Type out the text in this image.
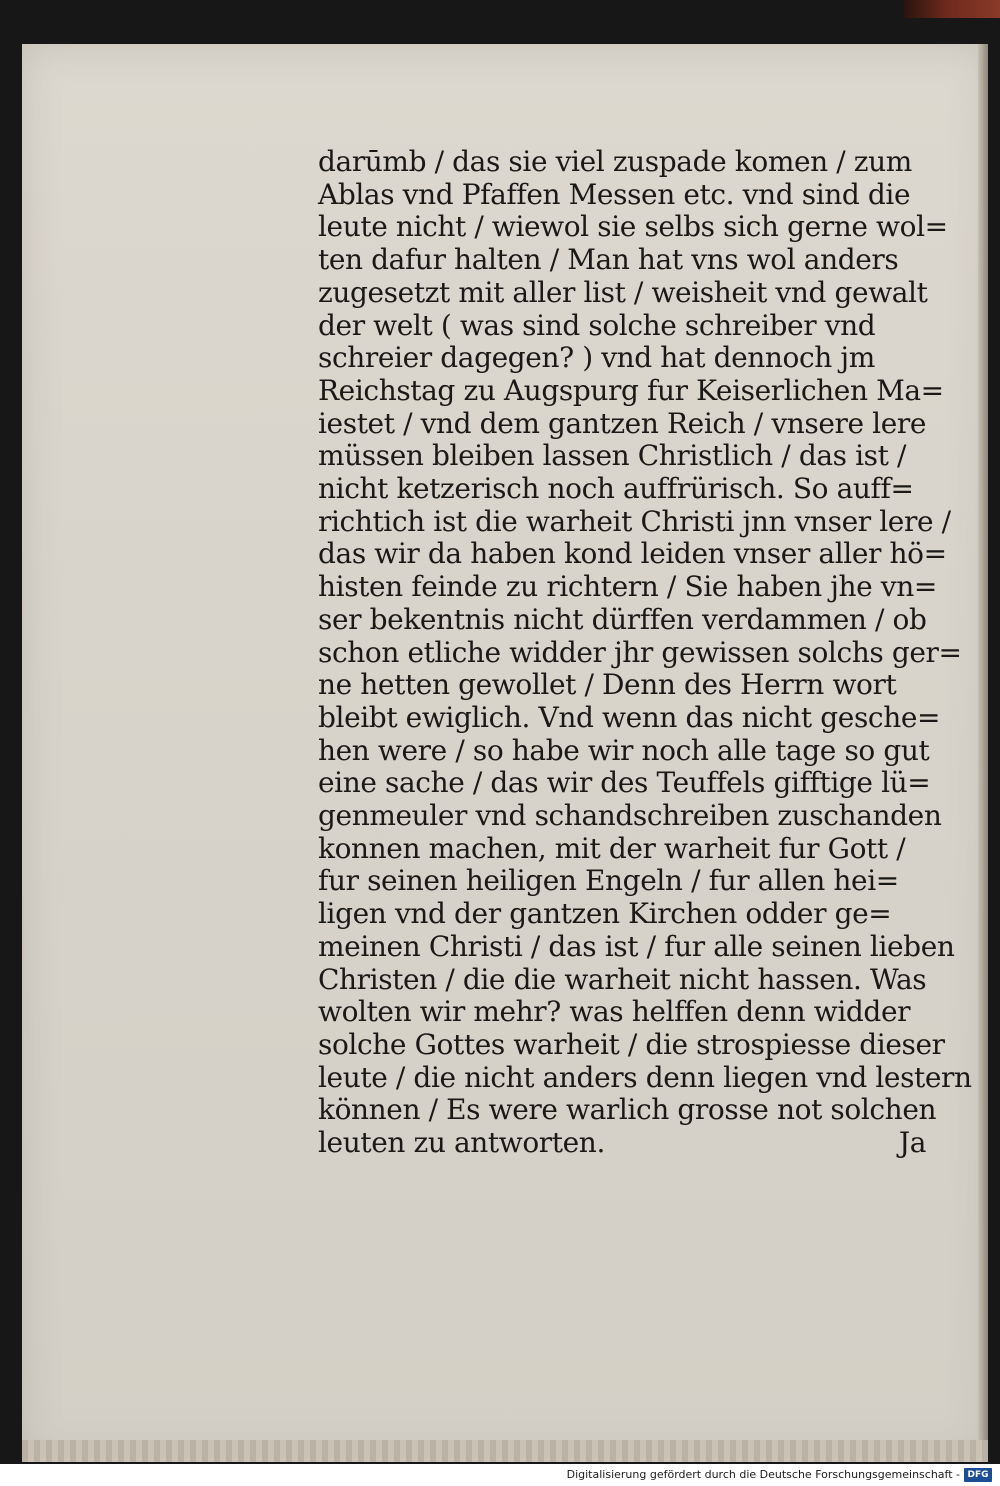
darūmb / das sie viel zuspade komen / zum
Ablas vnd Pfaffen Messen etc. vnd sind die
leute nicht / wiewol sie selbs sich gerne wol=
ten dafur halten / Man hat vns wol anders
zugesetzt mit aller list / weisheit vnd gewalt
der welt ( was sind solche schreiber vnd
schreier dagegen? ) vnd hat dennoch jm
Reichstag zu Augspurg fur Keiserlichen Ma=
iestet / vnd dem gantzen Reich / vnsere lere
müssen bleiben lassen Christlich / das ist /
nicht ketzerisch noch auffrürisch. So auff=
richtich ist die warheit Christi jnn vnser lere /
das wir da haben kond leiden vnser aller hö=
histen feinde zu richtern / Sie haben jhe vn=
ser bekentnis nicht dürffen verdammen / ob
schon etliche widder jhr gewissen solchs ger=
ne hetten gewollet / Denn des Herrn wort
bleibt ewiglich. Vnd wenn das nicht gesche=
hen were / so habe wir noch alle tage so gut
eine sache / das wir des Teuffels gifftige lü=
genmeuler vnd schandschreiben zuschanden
konnen machen, mit der warheit fur Gott /
fur seinen heiligen Engeln / fur allen hei=
ligen vnd der gantzen Kirchen odder ge=
meinen Christi / das ist / fur alle seinen lieben
Christen / die die warheit nicht hassen. Was
wolten wir mehr? was helffen denn widder
solche Gottes warheit / die strospiesse dieser
leute / die nicht anders denn liegen vnd lestern
können / Es were warlich grosse not solchen
leuten zu antworten.	Ja
Digitalisierung gefördert durch die Deutsche Forschungsgemeinschaft - DFG
